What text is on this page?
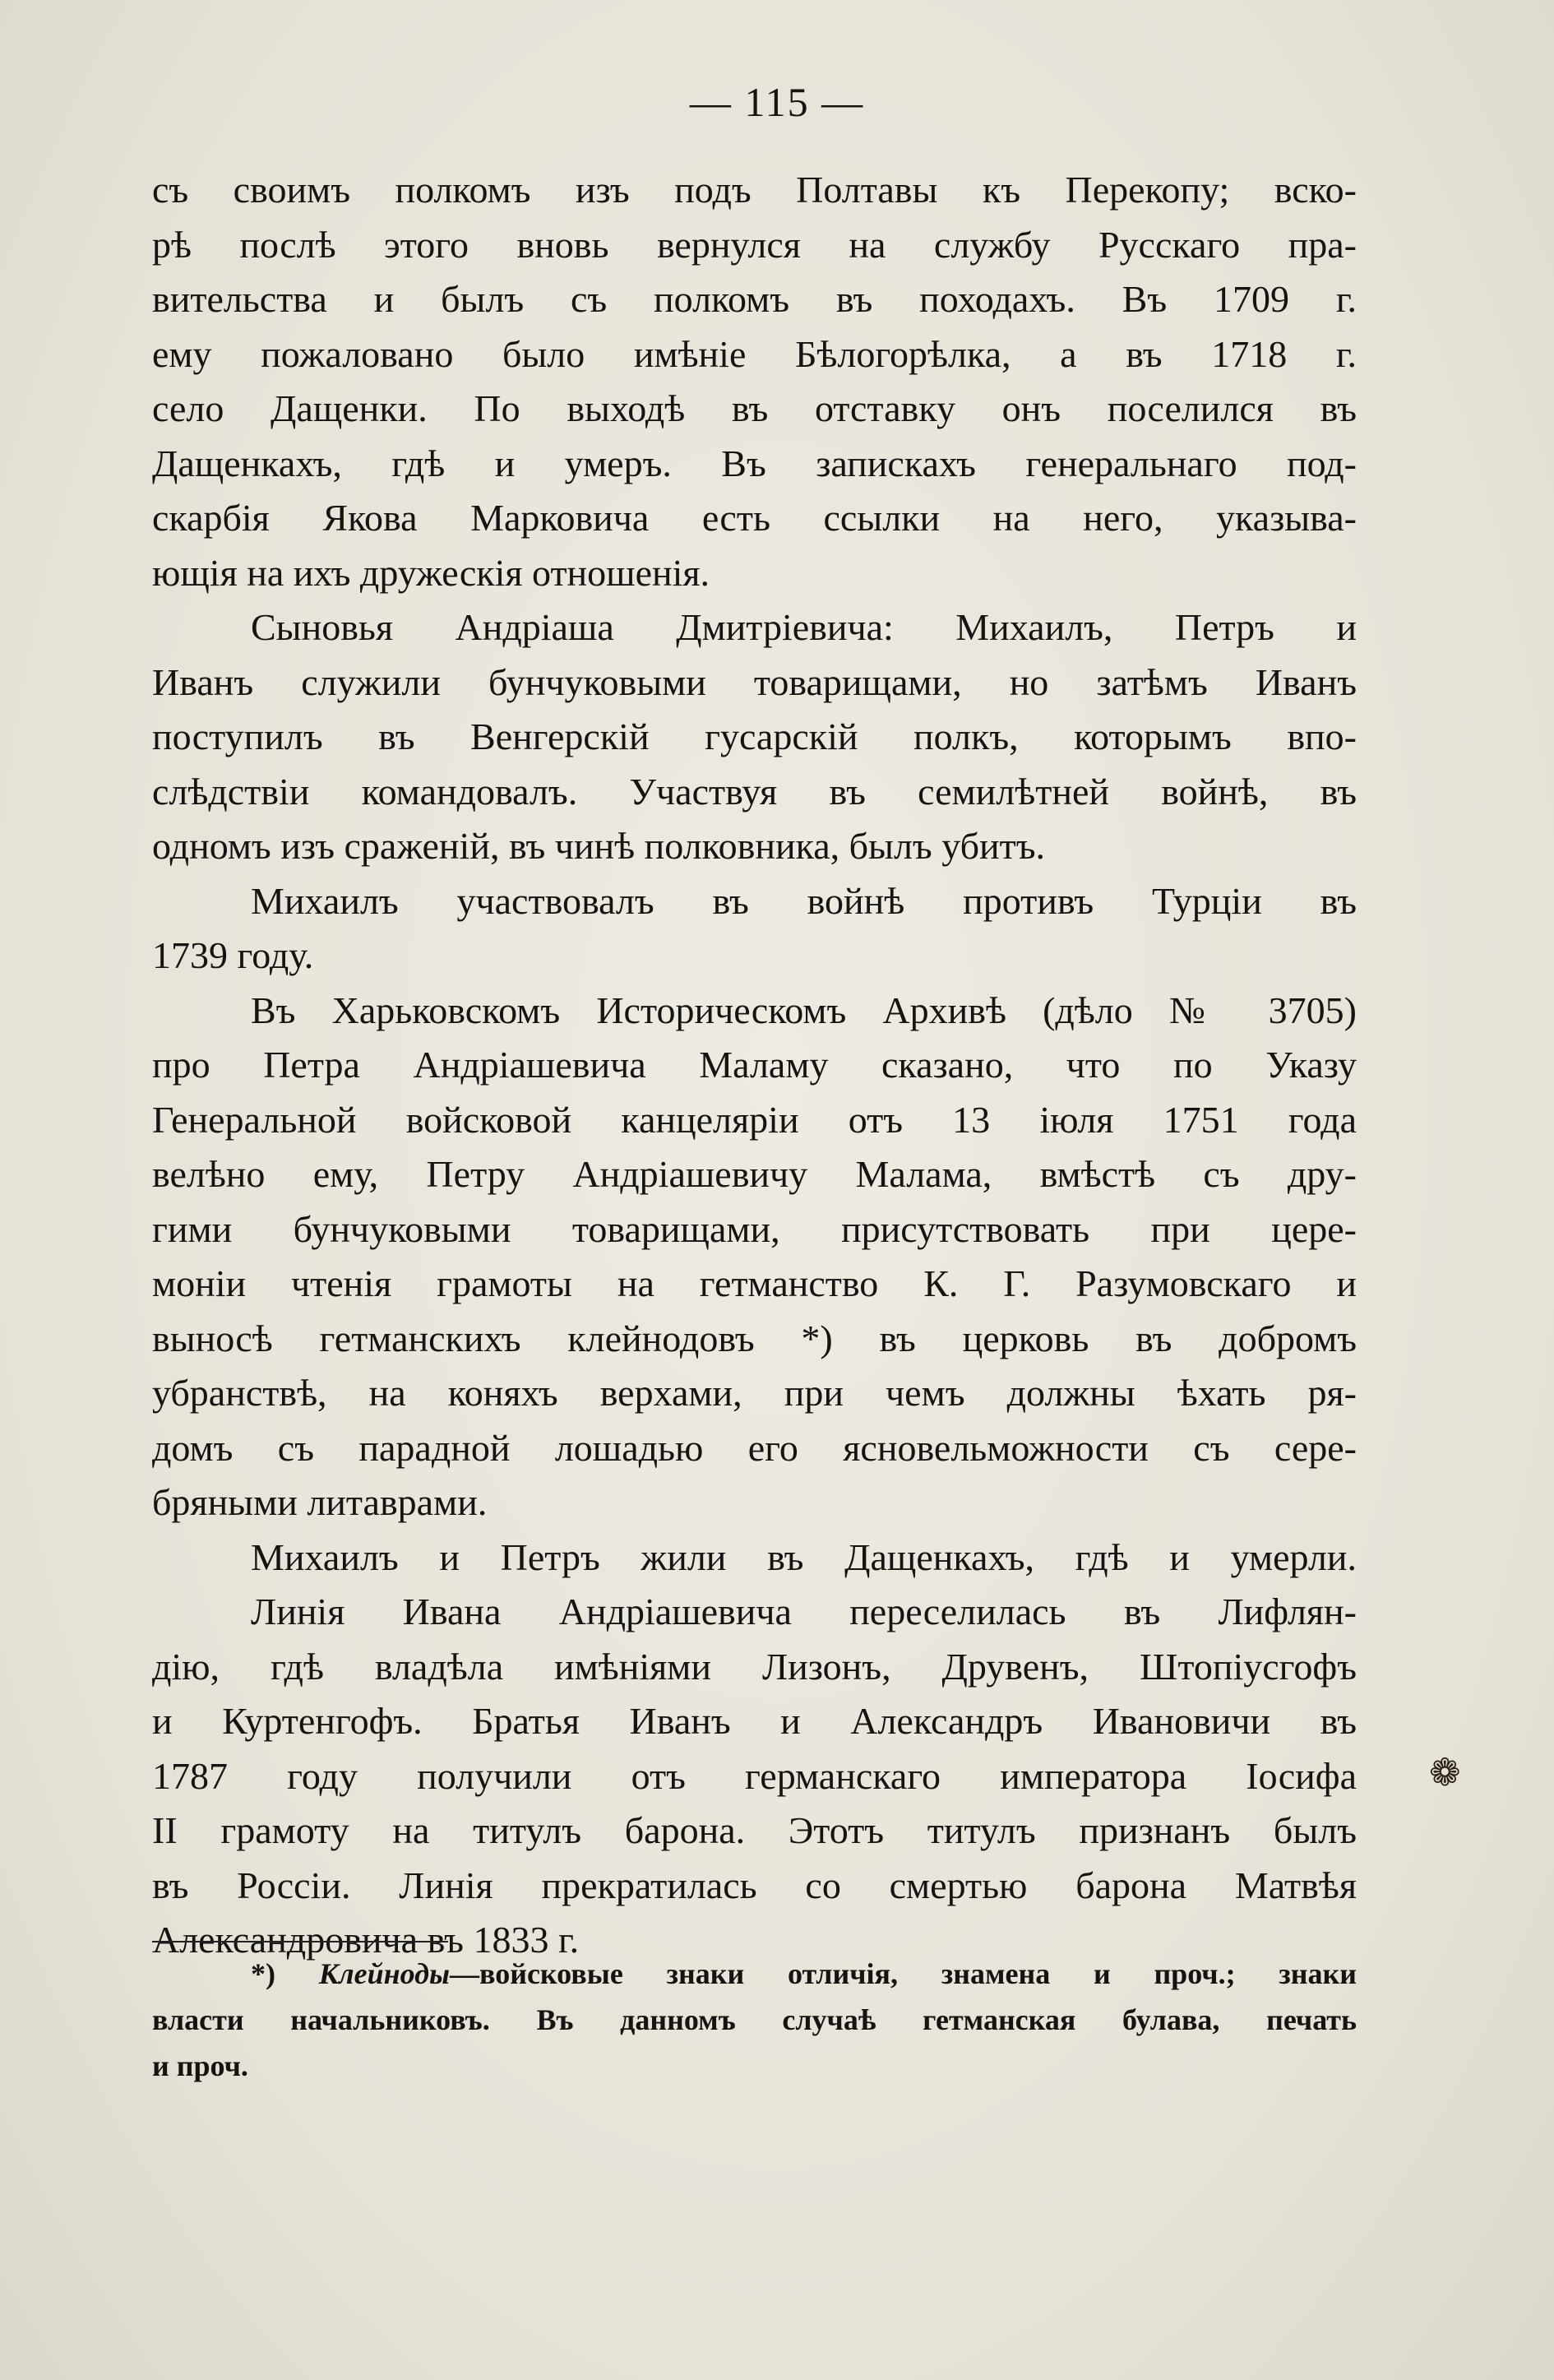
— 115 —
съ своимъ полкомъ изъ подъ Полтавы къ Перекопу; вско-
рѣ послѣ этого вновь вернулся на службу Русскаго пра-
вительства и былъ съ полкомъ въ походахъ. Въ 1709 г.
ему пожаловано было имѣніе Бѣлогорѣлка, а въ 1718 г.
село Дащенки. По выходѣ въ отставку онъ поселился въ
Дащенкахъ, гдѣ и умеръ. Въ запискахъ генеральнаго под-
скарбія Якова Марковича есть ссылки на него, указыва-
ющія на ихъ дружескія отношенія.
Сыновья Андріаша Дмитріевича: Михаилъ, Петръ и
Иванъ служили бунчуковыми товарищами, но затѣмъ Иванъ
поступилъ въ Венгерскій гусарскій полкъ, которымъ впо-
слѣдствіи командовалъ. Участвуя въ семилѣтней войнѣ, въ
одномъ изъ сраженій, въ чинѣ полковника, былъ убитъ.
Михаилъ участвовалъ въ войнѣ противъ Турціи въ
1739 году.
Въ Харьковскомъ Историческомъ Архивѣ (дѣло № 3705)
про Петра Андріашевича Маламу сказано, что по Указу
Генеральной войсковой канцеляріи отъ 13 іюля 1751 года
велѣно ему, Петру Андріашевичу Малама, вмѣстѣ съ дру-
гими бунчуковыми товарищами, присутствовать при цере-
моніи чтенія грамоты на гетманство К. Г. Разумовскаго и
выносѣ гетманскихъ клейнодовъ *) въ церковь въ добромъ
убранствѣ, на коняхъ верхами, при чемъ должны ѣхать ря-
домъ съ парадной лошадью его ясновельможности съ сере-
бряными литаврами.
Михаилъ и Петръ жили въ Дащенкахъ, гдѣ и умерли.
Линія Ивана Андріашевича переселилась въ Лифлян-
дію, гдѣ владѣла имѣніями Лизонъ, Друвенъ, Штопіусгофъ
и Куртенгофъ. Братья Иванъ и Александръ Ивановичи въ
1787 году получили отъ германскаго императора Іосифа
II грамоту на титулъ барона. Этотъ титулъ признанъ былъ
въ Россіи. Линія прекратилась со смертью барона Матвѣя
Александровича въ 1833 г.
*) Клейноды—войсковые знаки отличія, знамена и проч.; знаки
власти начальниковъ. Въ данномъ случаѣ гетманская булава, печать
и проч.
❁
